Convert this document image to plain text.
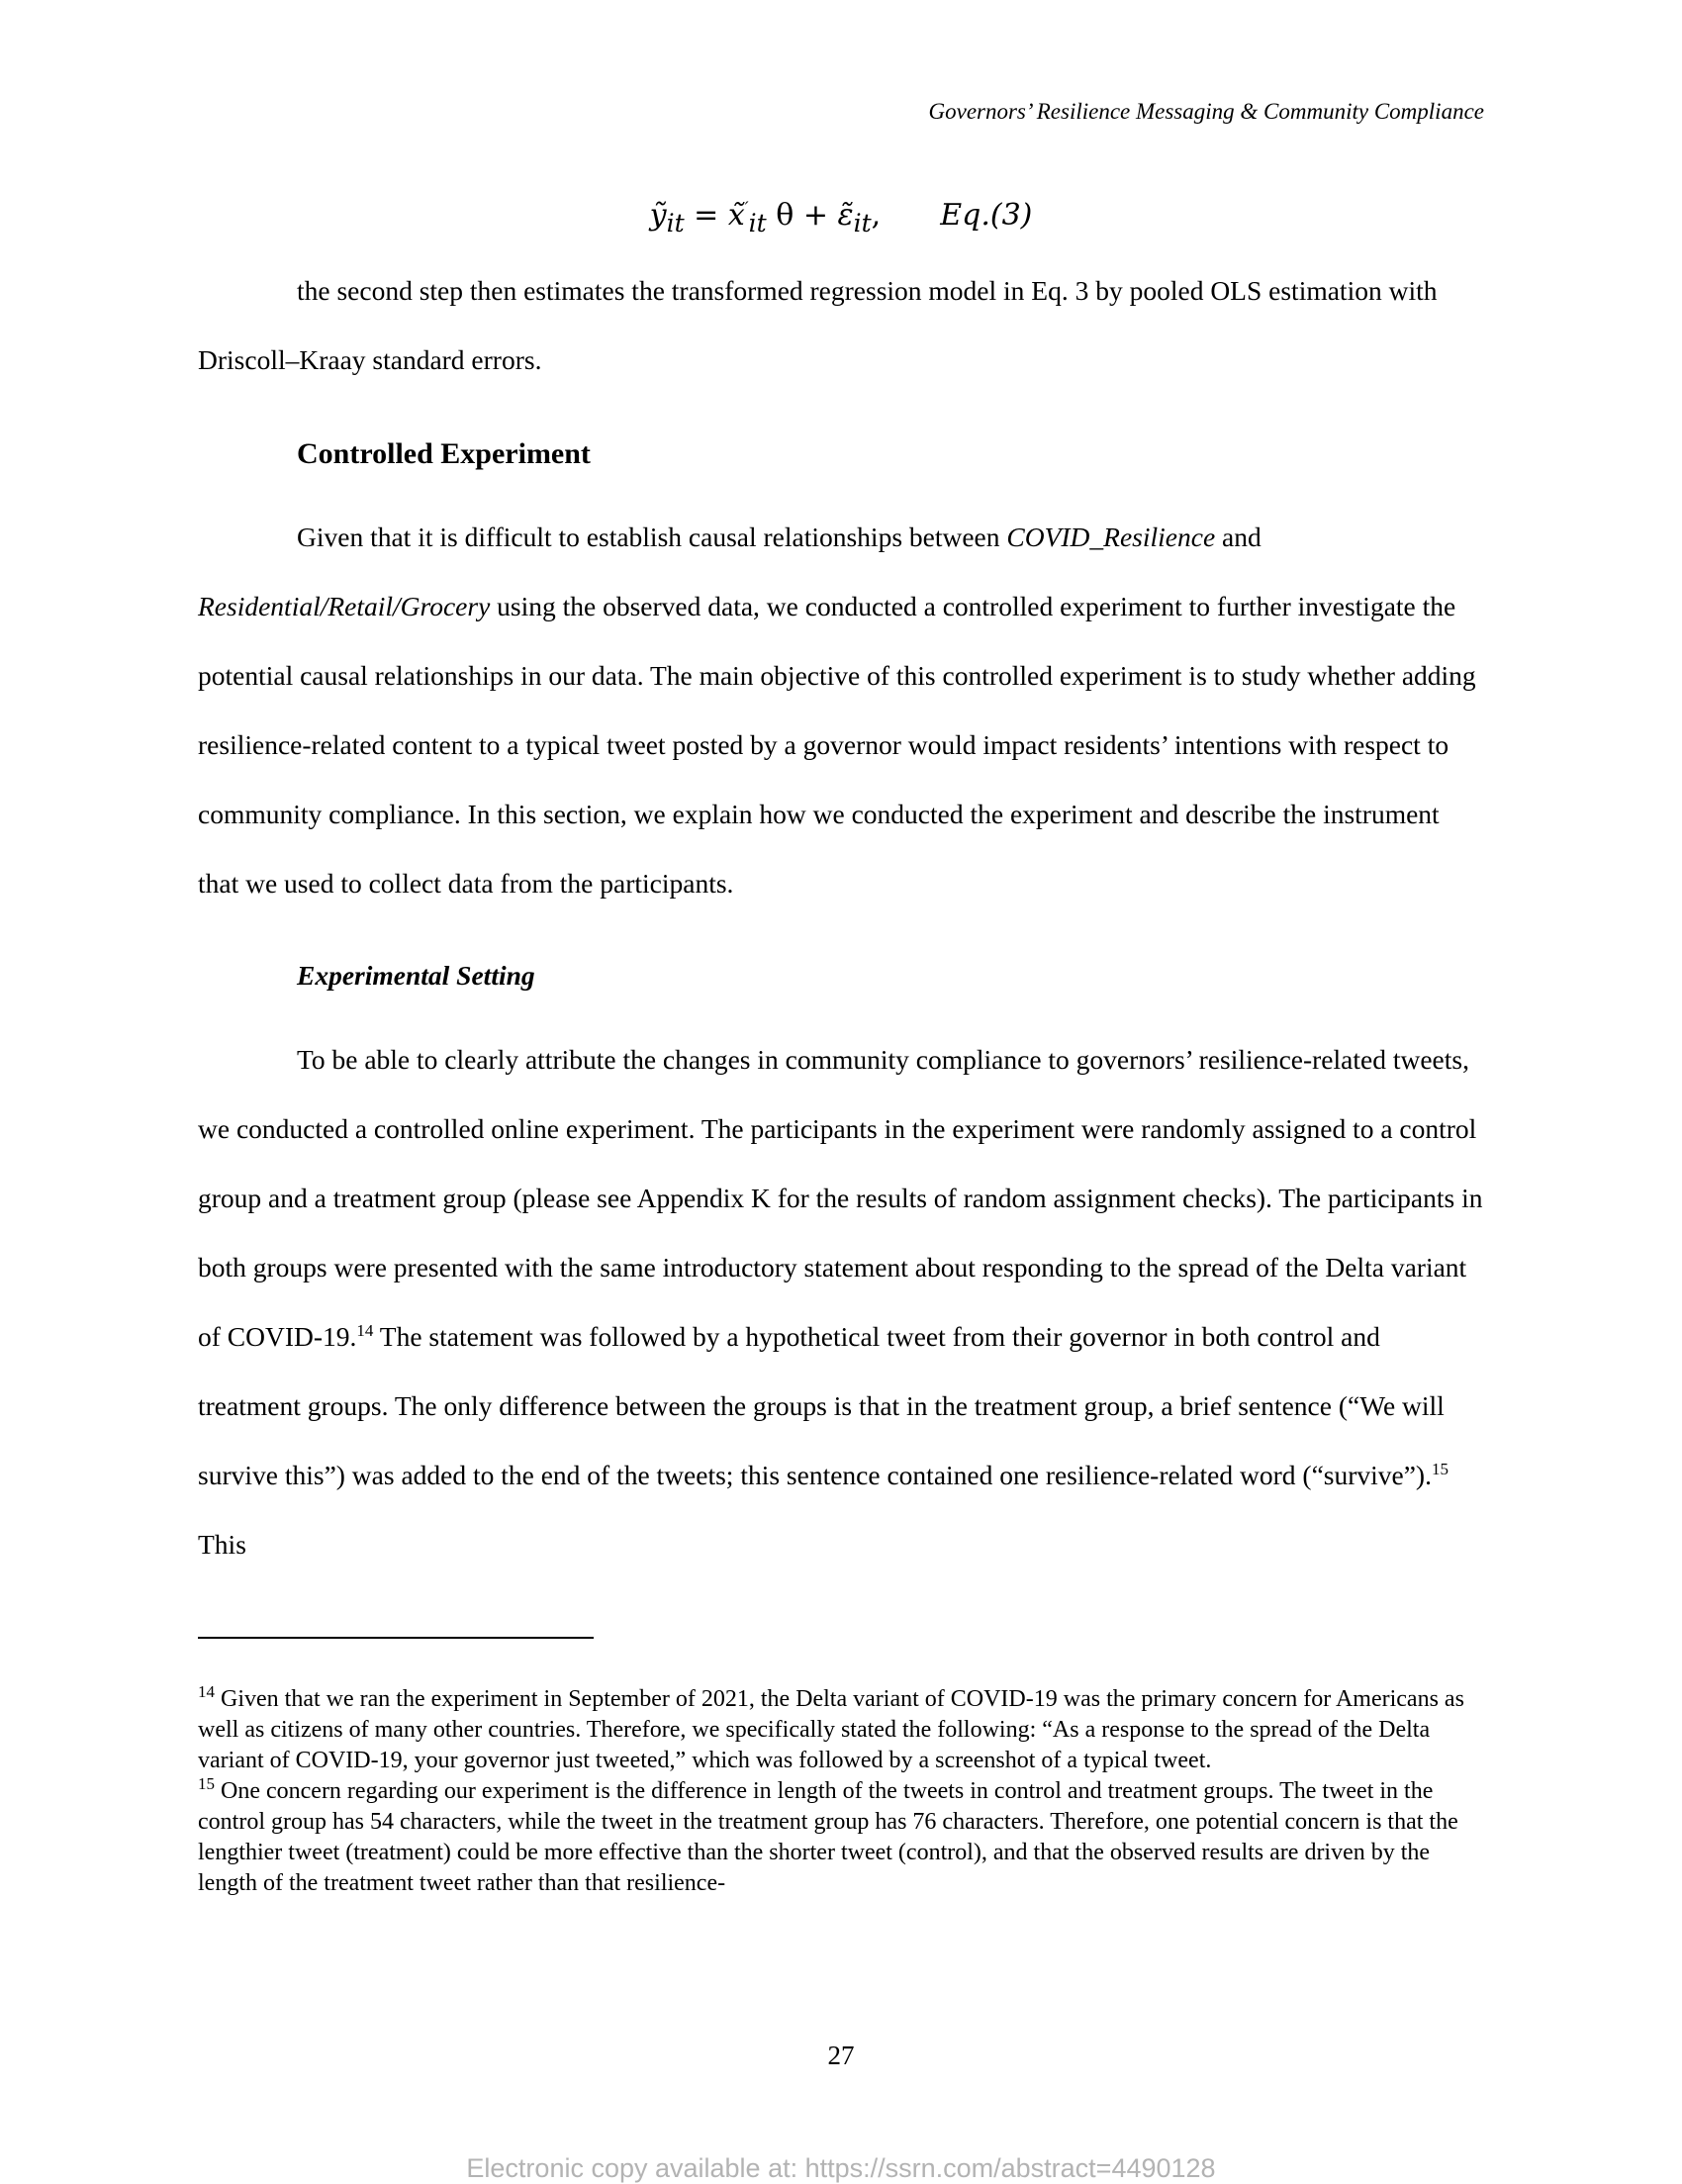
Governors’ Resilience Messaging & Community Compliance
ỹ$_{it}$ = $x̃'_{it}$ $\theta + \varepsiloñ_{it}$, Eq.(3)

the second step then estimates the transformed regression model in Eq. 3 by pooled OLS estimation with Driscoll–Kraay standard errors.

Controlled Experiment

Given that it is difficult to establish causal relationships between COVID_Resilience and Residential/Retail/Grocery using the observed data, we conducted a controlled experiment to further investigate the potential causal relationships in our data. The main objective of this controlled experiment is to study whether adding resilience-related content to a typical tweet posted by a governor would impact residents’ intentions with respect to community compliance. In this section, we explain how we conducted the experiment and describe the instrument that we used to collect data from the participants.

Experimental Setting

To be able to clearly attribute the changes in community compliance to governors’ resilience-related tweets, we conducted a controlled online experiment. The participants in the experiment were randomly assigned to a control group and a treatment group (please see Appendix K for the results of random assignment checks). The participants in both groups were presented with the same introductory statement about responding to the spread of the Delta variant of COVID-19.14 The statement was followed by a hypothetical tweet from their governor in both control and treatment groups. The only difference between the groups is that in the treatment group, a brief sentence (“We will survive this”) was added to the end of the tweets; this sentence contained one resilience-related word (“survive”).$^{15}$ This

$^{14}$ Given that we ran the experiment in September of 2021, the Delta variant of COVID-19 was the primary concern for Americans as well as citizens of many other countries. Therefore, we specifically stated the following: “As a response to the spread of the Delta variant of COVID-19, your governor just tweeted,” which was followed by a screenshot of a typical tweet.

$^{15}$ One concern regarding our experiment is the difference in length of the tweets in control and treatment groups. The tweet in the control group has 54 characters, while the tweet in the treatment group has 76 characters. Therefore, one potential concern is that the lengthier tweet (treatment) could be more effective than the shorter tweet (control), and that the observed results are driven by the length of the treatment tweet rather than that resilience-

27
Electronic copy available at: https://ssrn.com/abstract=4490128
